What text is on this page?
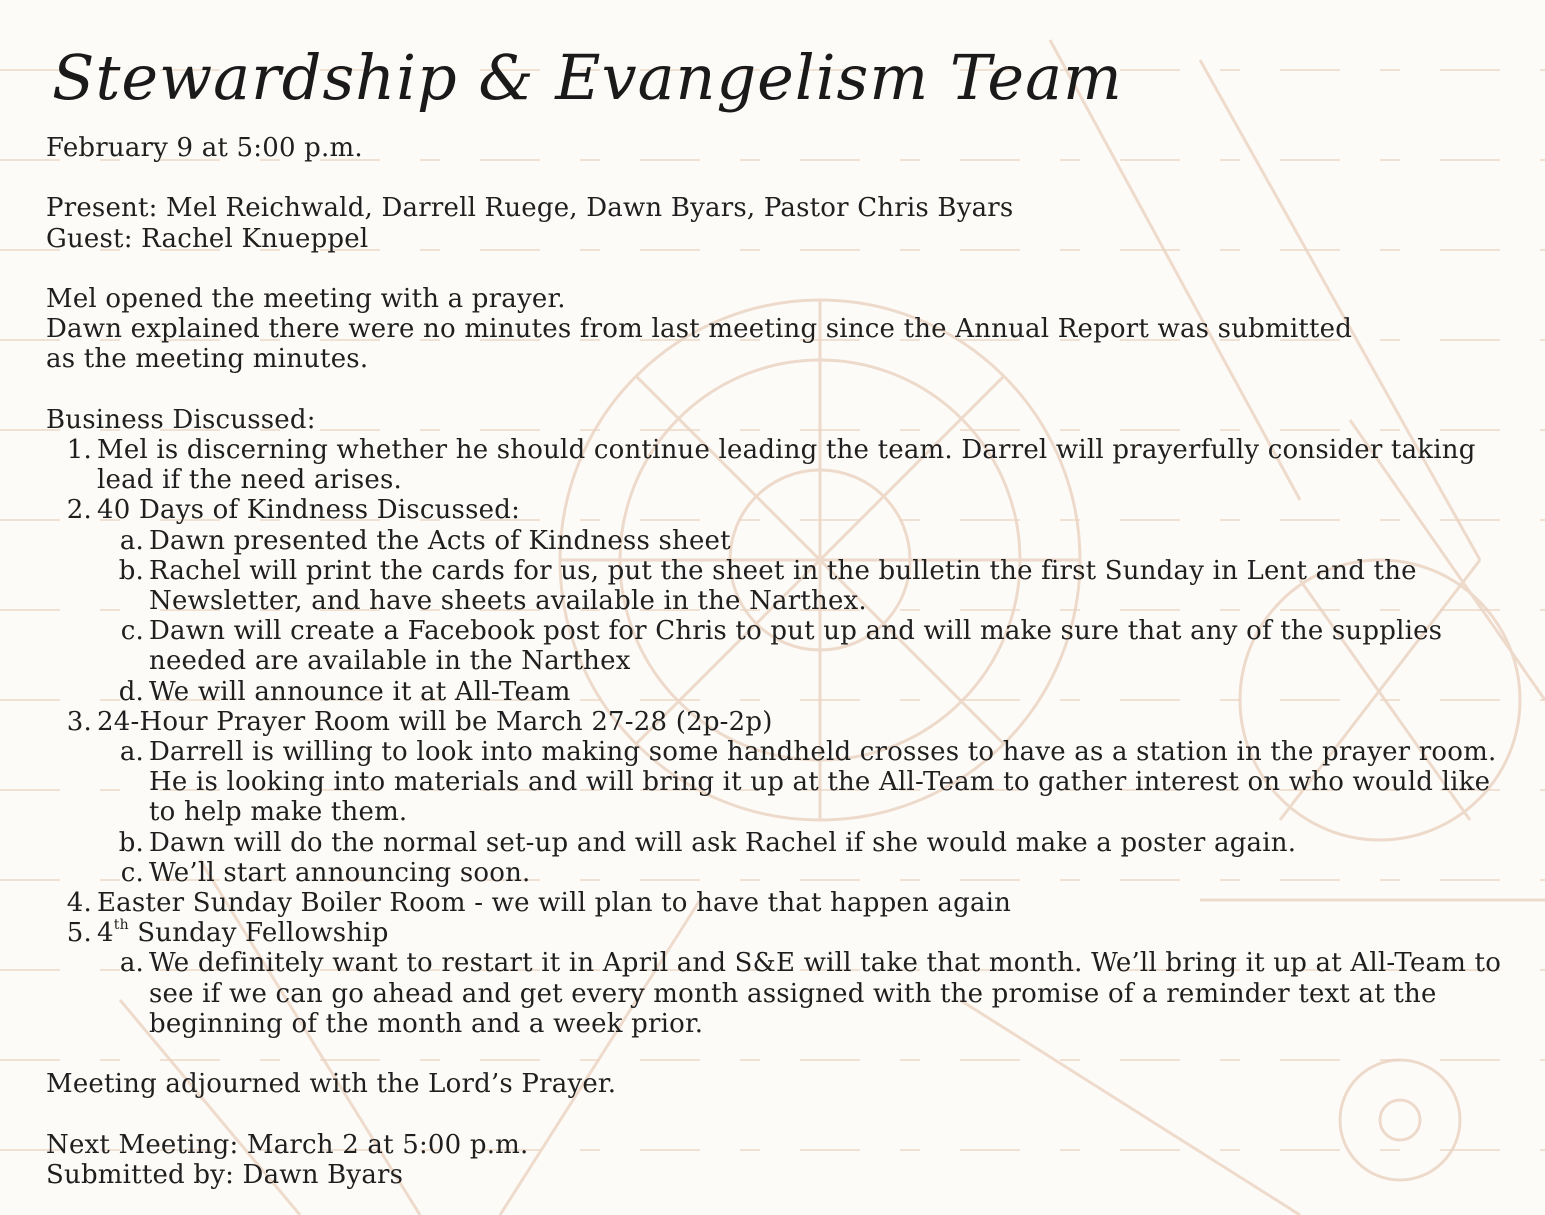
Stewardship & Evangelism Team

February 9 at 5:00 p.m.

Present: Mel Reichwald, Darrell Ruege, Dawn Byars, Pastor Chris Byars

Guest: Rachel Knueppel

Mel opened the meeting with a prayer.

Dawn explained there were no minutes from last meeting since the Annual Report was submitted

as the meeting minutes.

Business Discussed:

1. Mel is discerning whether he should continue leading the team. Darrel will prayerfully consider taking lead if the need arises.
2. 40 Days of Kindness Discussed:
a. Dawn presented the Acts of Kindness sheet
b. Rachel will print the cards for us, put the sheet in the bulletin the first Sunday in Lent and the Newsletter, and have sheets available in the Narthex.
c. Dawn will create a Facebook post for Chris to put up and will make sure that any of the supplies needed are available in the Narthex
d. We will announce it at All-Team
3. 24-Hour Prayer Room will be March 27-28 (2p-2p)
a. Darrell is willing to look into making some handheld crosses to have as a station in the prayer room. He is looking into materials and will bring it up at the All-Team to gather interest on who would like to help make them.
b. Dawn will do the normal set-up and will ask Rachel if she would make a poster again.
c. We’ll start announcing soon.
4. Easter Sunday Boiler Room - we will plan to have that happen again
5. 4th Sunday Fellowship
a. We definitely want to restart it in April and S&E will take that month. We’ll bring it up at All-Team to see if we can go ahead and get every month assigned with the promise of a reminder text at the beginning of the month and a week prior.

Meeting adjourned with the Lord’s Prayer.

Next Meeting: March 2 at 5:00 p.m.

Submitted by: Dawn Byars
